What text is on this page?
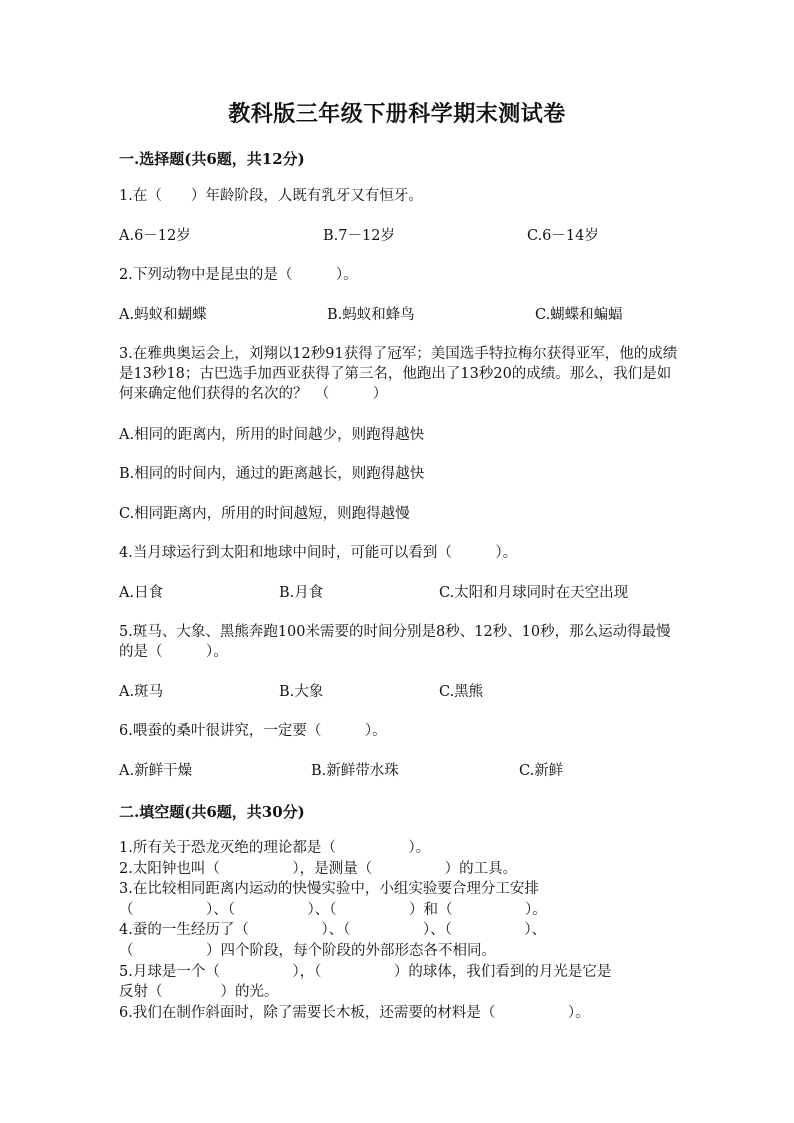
教科版三年级下册科学期末测试卷
一.选择题(共6题，共12分)
1.在（　　）年龄阶段，人既有乳牙又有恒牙。
A.6－12岁	B.7－12岁	C.6－14岁
2.下列动物中是昆虫的是（　　　）。
A.蚂蚁和蝴蝶	B.蚂蚁和蜂鸟	C.蝴蝶和蝙蝠
3.在雅典奥运会上，刘翔以12秒91获得了冠军；美国选手特拉梅尔获得亚军，他的成绩是13秒18；古巴选手加西亚获得了第三名，他跑出了13秒20的成绩。那么，我们是如何来确定他们获得的名次的？　（　　　）
A.相同的距离内，所用的时间越少，则跑得越快
B.相同的时间内，通过的距离越长，则跑得越快
C.相同距离内，所用的时间越短，则跑得越慢
4.当月球运行到太阳和地球中间时，可能可以看到（　　　）。
A.日食	B.月食	C.太阳和月球同时在天空出现
5.斑马、大象、黑熊奔跑100米需要的时间分别是8秒、12秒、10秒，那么运动得最慢的是（　　　）。
A.斑马	B.大象	C.黑熊
6.喂蚕的桑叶很讲究，一定要（　　　）。
A.新鲜干燥	B.新鲜带水珠	C.新鲜
二.填空题(共6题，共30分)
1.所有关于恐龙灭绝的理论都是（　　　　　）。
2.太阳钟也叫（　　　　　），是测量（　　　　　）的工具。
3.在比较相同距离内运动的快慢实验中，小组实验要合理分工安排
（　　　　　）、（　　　　　）、（　　　　　）和（　　　　　）。
4.蚕的一生经历了（　　　　　）、（　　　　　）、（　　　　　）、
（　　　　　）四个阶段，每个阶段的外部形态各不相同。
5.月球是一个（　　　　　），（　　　　　）的球体，我们看到的月光是它是
反射（　　　　）的光。
6.我们在制作斜面时，除了需要长木板，还需要的材料是（　　　　　）。
